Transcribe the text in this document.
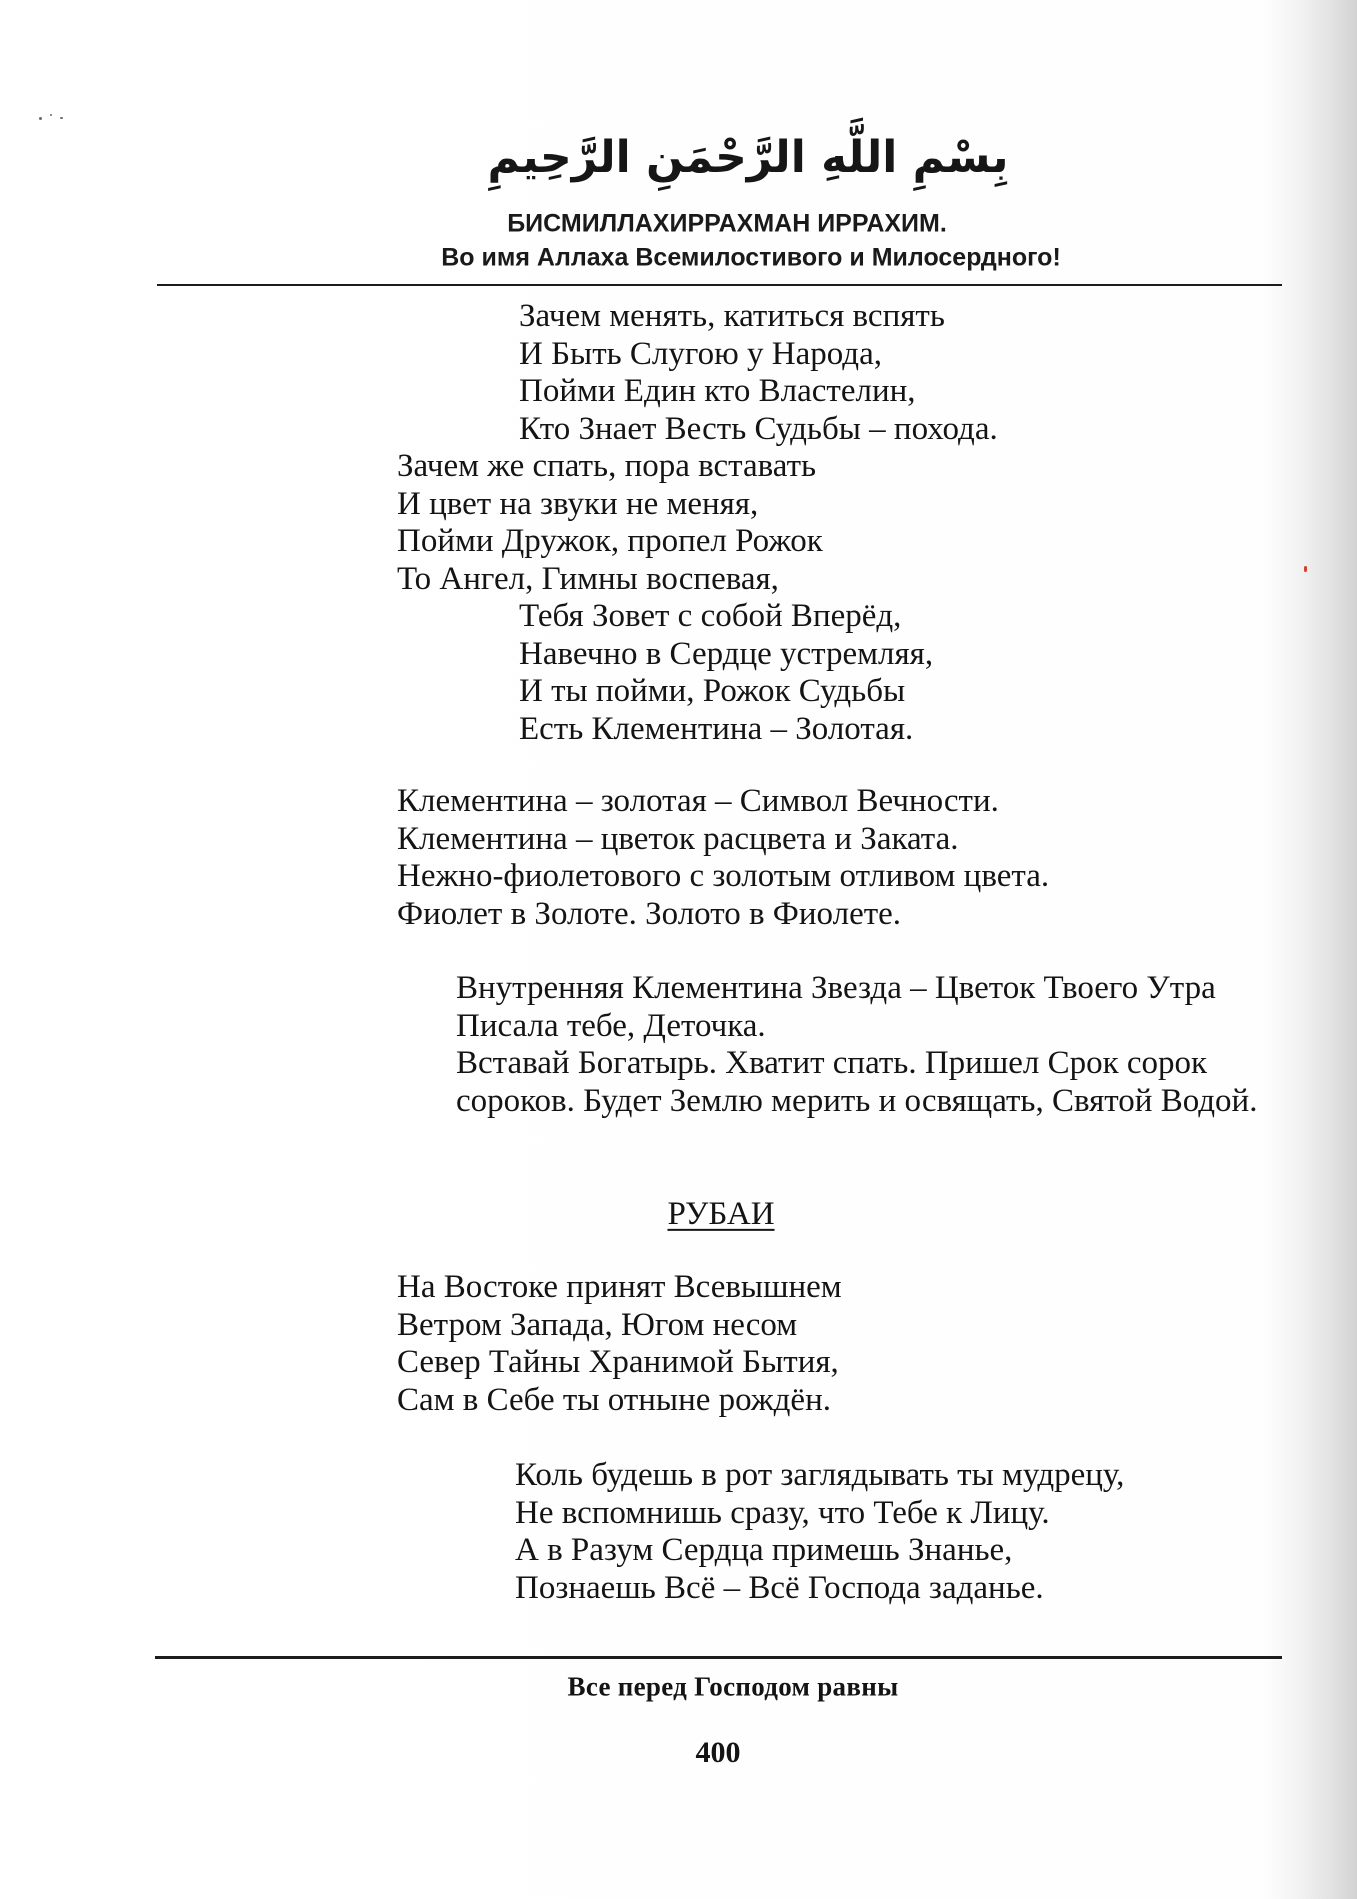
بِسْمِ اللَّهِ الرَّحْمَنِ الرَّحِيمِ
БИСМИЛЛАХИРРАХМАН ИРРАХИМ.
Во имя Аллаха Всемилостивого и Милосердного!
Зачем менять, катиться вспять
И Быть Слугою у Народа,
Пойми Един кто Властелин,
Кто Знает Весть Судьбы – похода.
Зачем же спать, пора вставать
И цвет на звуки не меняя,
Пойми Дружок, пропел Рожок
То Ангел, Гимны воспевая,
Тебя Зовет с собой Вперёд,
Навечно в Сердце устремляя,
И ты пойми, Рожок Судьбы
Есть Клементина – Золотая.
Клементина – золотая – Символ Вечности.
Клементина – цветок расцвета и Заката.
Нежно-фиолетового с золотым отливом цвета.
Фиолет в Золоте. Золото в Фиолете.
Внутренняя Клементина Звезда – Цветок Твоего Утра
Писала тебе, Деточка.
Вставай Богатырь. Хватит спать. Пришел Срок сорок
сороков. Будет Землю мерить и освящать, Святой Водой.
РУБАИ
На Востоке принят Всевышнем
Ветром Запада, Югом несом
Север Тайны Хранимой Бытия,
Сам в Себе ты отныне рождён.
Коль будешь в рот заглядывать ты мудрецу,
Не вспомнишь сразу, что Тебе к Лицу.
А в Разум Сердца примешь Знанье,
Познаешь Всё – Всё Господа заданье.
Все перед Господом равны
400
